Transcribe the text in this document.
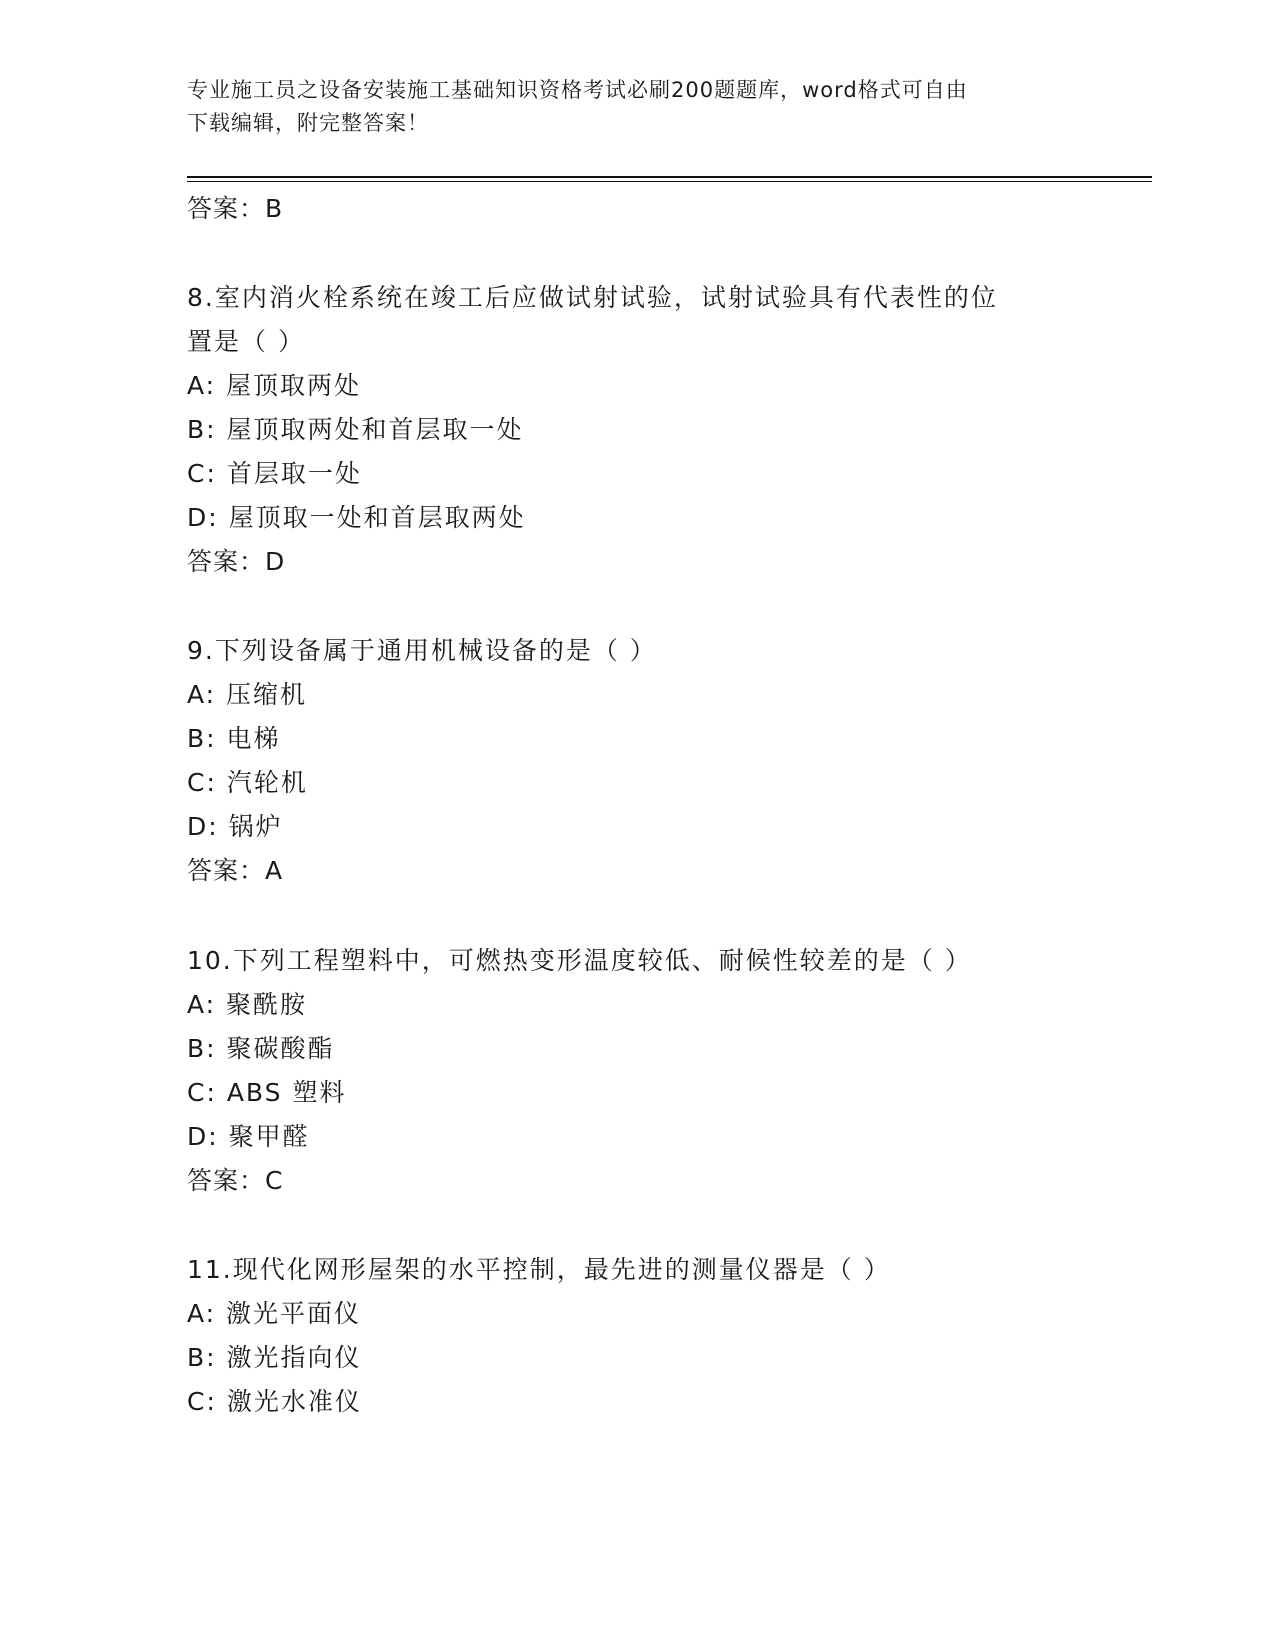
专业施工员之设备安装施工基础知识资格考试必刷200题题库，word格式可自由
下载编辑，附完整答案！
答案：B
8.室内消火栓系统在竣工后应做试射试验，试射试验具有代表性的位
置是（ ）
A: 屋顶取两处
B: 屋顶取两处和首层取一处
C: 首层取一处
D: 屋顶取一处和首层取两处
答案：D
9.下列设备属于通用机械设备的是（ ）
A: 压缩机
B: 电梯
C: 汽轮机
D: 锅炉
答案：A
10.下列工程塑料中，可燃热变形温度较低、耐候性较差的是（ ）
A: 聚酰胺
B: 聚碳酸酯
C: ABS 塑料
D: 聚甲醛
答案：C
11.现代化网形屋架的水平控制，最先进的测量仪器是（ ）
A: 激光平面仪
B: 激光指向仪
C: 激光水准仪
